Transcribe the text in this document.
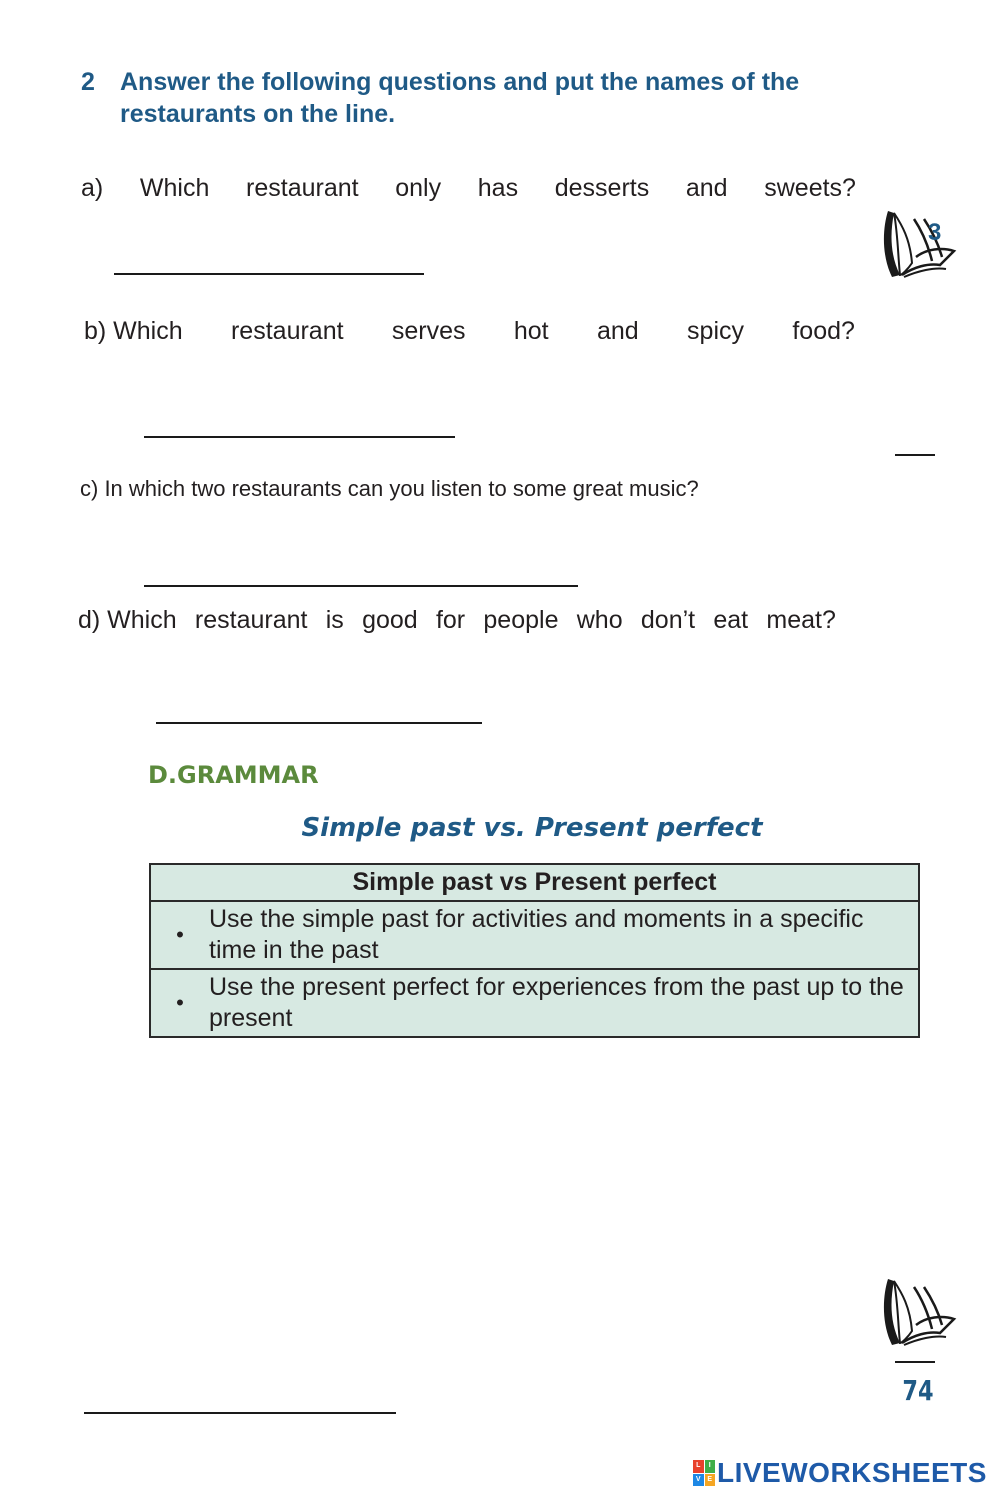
2 Answer the following questions and put the names of the restaurants on the line.
a) Which restaurant only has desserts and sweets?
b) Which restaurant serves hot and spicy food?
c) In which two restaurants can you listen to some great music?
d) Which restaurant is good for people who don’t eat meat?
3
D.GRAMMAR
Simple past vs. Present perfect
Simple past vs Present perfect

•
Use the simple past for activities and moments in a specific time in the past

•
Use the present perfect for experiences from the past up to the present
74
L	I
V E LIVEWORKSHEETS
